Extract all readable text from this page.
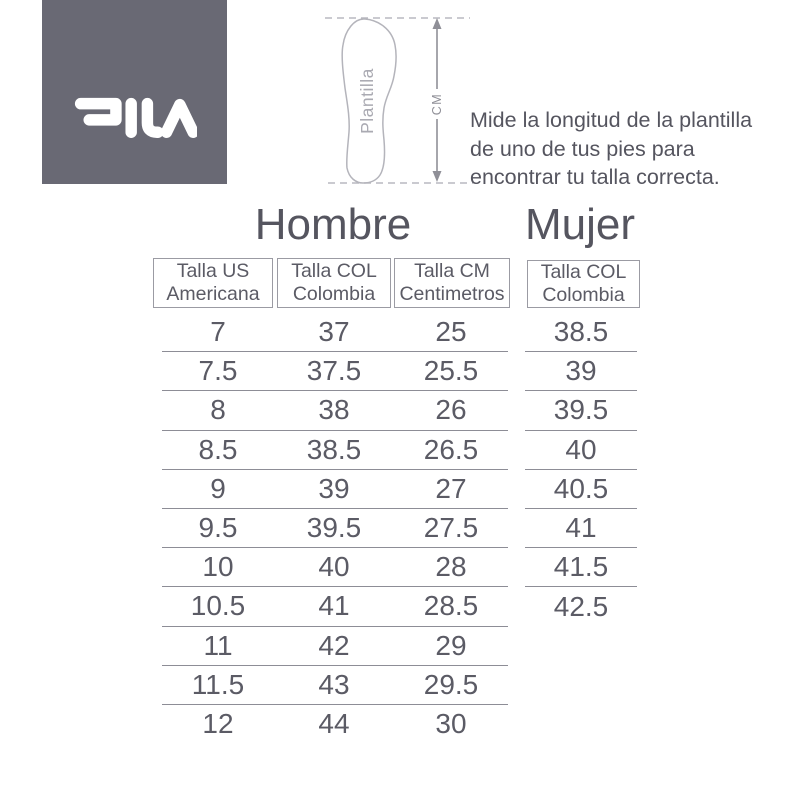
Plantilla	CM
Mide la longitud de la plantilla
de uno de tus pies para
encontrar tu talla correcta.
Hombre	Mujer
Talla US
Americana
Talla COL
Colombia
Talla CM
Centimetros
Talla COL
Colombia
7	37	25
7.5	37.5	25.5
8	38	26
8.5	38.5	26.5
9	39	27
9.5	39.5	27.5
10	40	28
10.5	41	28.5
11	42	29
11.5	43	29.5
12	44	30
38.5
39
39.5
40
40.5
41
41.5
42.5
